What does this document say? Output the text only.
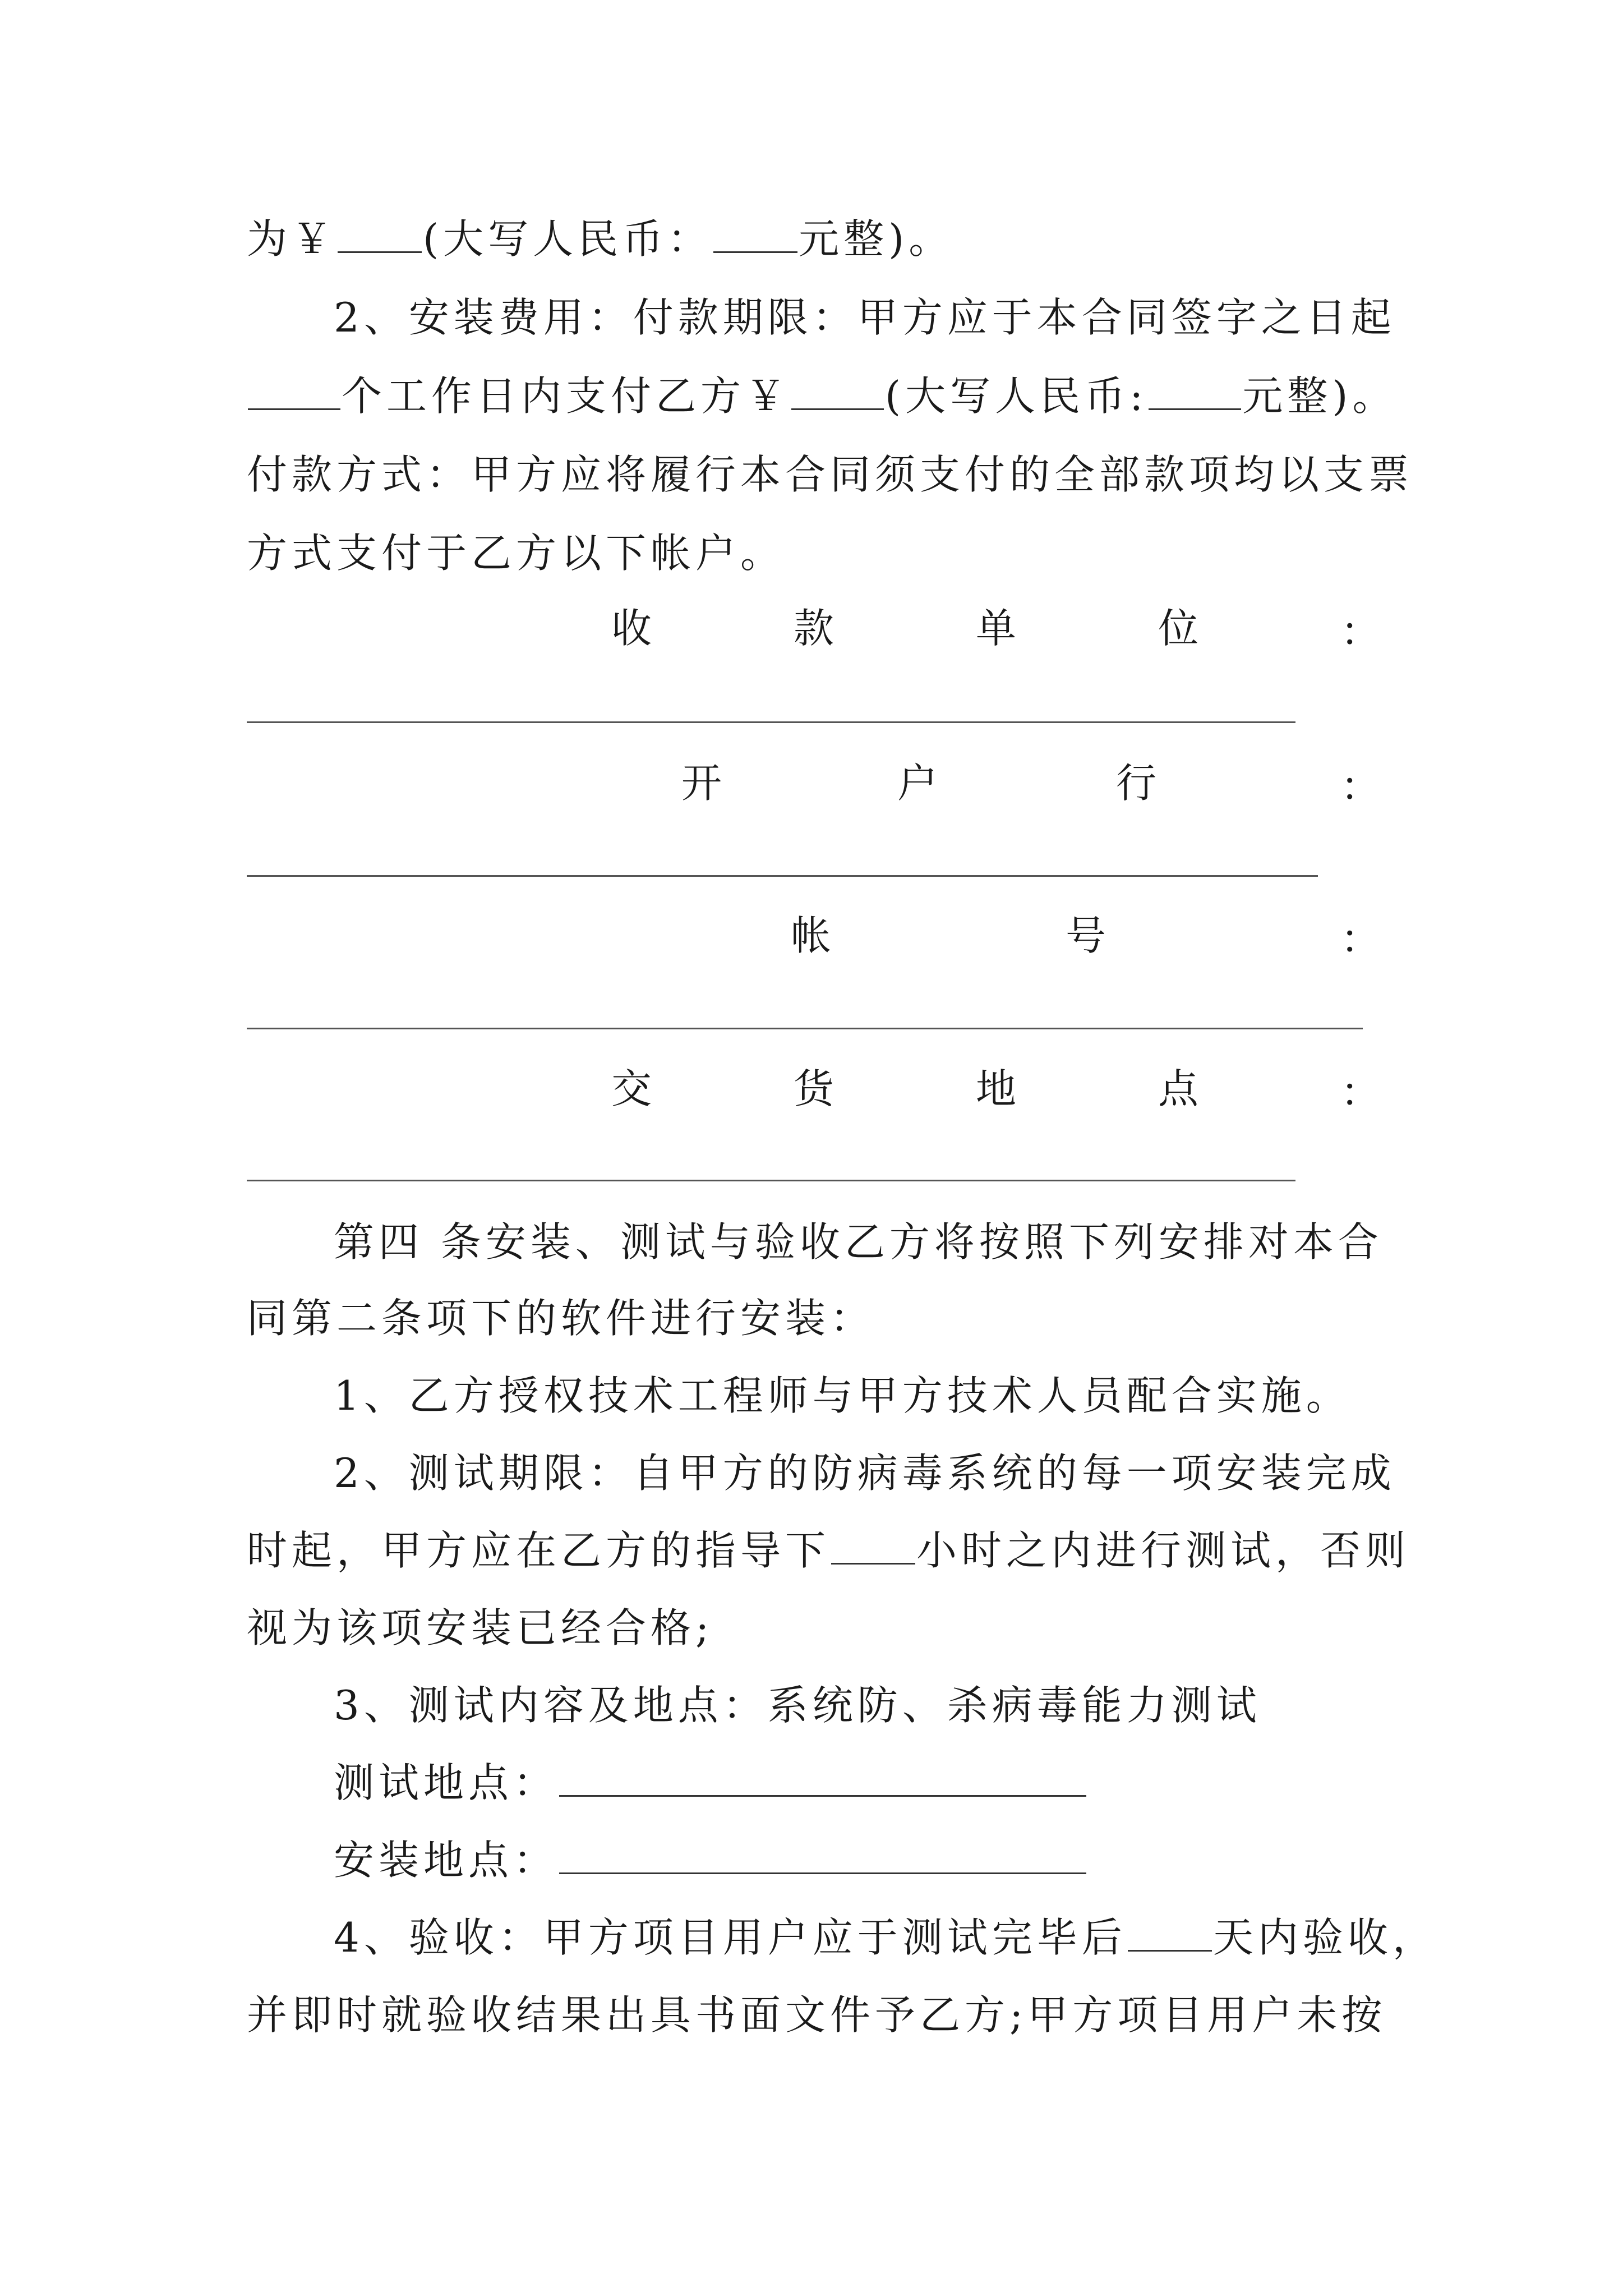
为￥ (大写人民币： 元整)。
2、安装费用：付款期限：甲方应于本合同签字之日起
个工作日内支付乙方￥ (大写人民币: 元整)。
付款方式：甲方应将履行本合同须支付的全部款项均以支票
方式支付于乙方以下帐户。
收	款	单	位	：
开	户	行	：
帐	号	：
交	货	地	点	：
第四 条安装、测试与验收乙方将按照下列安排对本合
同第二条项下的软件进行安装：
1、乙方授权技术工程师与甲方技术人员配合实施。
2、测试期限：自甲方的防病毒系统的每一项安装完成
时起，甲方应在乙方的指导下 小时之内进行测试，否则
视为该项安装已经合格;
3、测试内容及地点：系统防、杀病毒能力测试
测试地点：
安装地点：
4、验收：甲方项目用户应于测试完毕后 天内验收，
并即时就验收结果出具书面文件予乙方;甲方项目用户未按
